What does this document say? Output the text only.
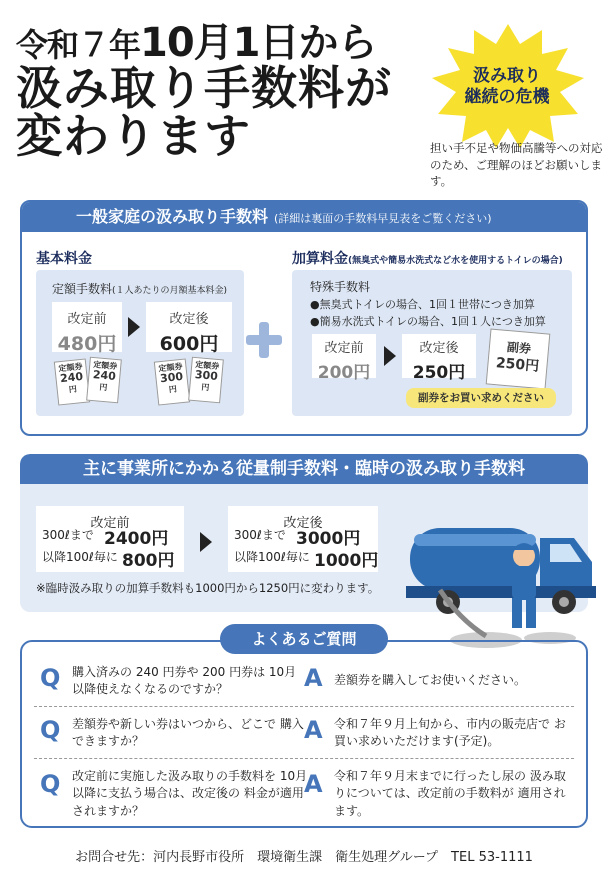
令和７年10月1日から
汲み取り手数料が
変わります
汲み取り
継続の危機
担い手不足や物価高騰等への対応のため、ご理解のほどお願いします。
一般家庭の汲み取り手数料 (詳細は裏面の手数料早見表をご覧ください)
基本料金
定額手数料(１人あたりの月額基本料金)
改定前
480円
改定後
600円
定額券
240
円
定額券
240
円
定額券
300
円
定額券
300
円
加算料金(無臭式や簡易水洗式など水を使用するトイレの場合)
特殊手数料
●無臭式トイレの場合、1回１世帯につき加算
●簡易水洗式トイレの場合、1回１人につき加算
改定前
200円
改定後
250円
副券
250円
副券をお買い求めください
主に事業所にかかる従量制手数料・臨時の汲み取り手数料
改定前
300ℓまで 2400円
以降100ℓ毎に 800円
改定後
300ℓまで 3000円
以降100ℓ毎に 1000円
※臨時汲み取りの加算手数料も1000円から1250円に変わります。
よくあるご質問
Q 購入済みの 240 円券や 200 円券は 10月以降使えなくなるのですか？	A 差額券を購入してお使いください。
Q 差額券や新しい券はいつから、どこで 購入できますか？	A 令和７年９月上旬から、市内の販売店で お買い求めいただけます(予定)。
Q 改定前に実施した汲み取りの手数料を 10月以降に支払う場合は、改定後の 料金が適用されますか？
A 令和７年９月末までに行ったし尿の 汲み取りについては、改定前の手数料が 適用されます。
お問合せ先：河内長野市役所　環境衛生課　衛生処理グループ　TEL 53-1111
